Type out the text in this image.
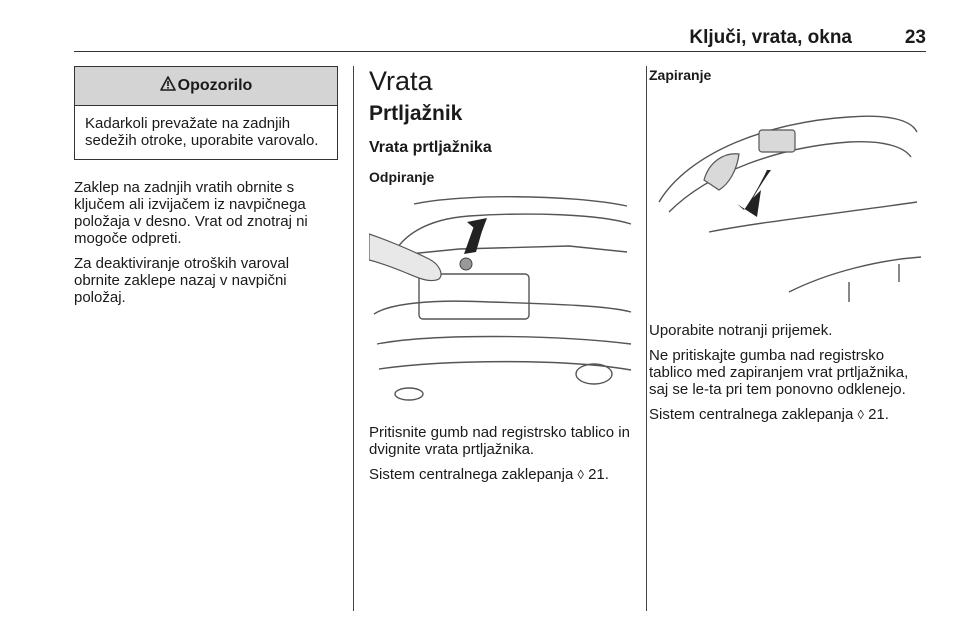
Ključi, vrata, okna	23
Opozorilo
Kadarkoli prevažate na zadnjih sedežih otroke, uporabite varovalo.

Zaklep na zadnjih vratih obrnite s ključem ali izvijačem iz navpičnega položaja v desno. Vrat od znotraj ni mogoče odpreti.

Za deaktiviranje otroških varoval obrnite zaklepe nazaj v navpični položaj.

Vrata
Prtljažnik
Vrata prtljažnika
Odpiranje

Pritisnite gumb nad registrsko tablico in dvignite vrata prtljažnika.

Sistem centralnega zaklepanja ◊ 21.

Zapiranje

Uporabite notranji prijemek.

Ne pritiskajte gumba nad registrsko tablico med zapiranjem vrat prtljažnika, saj se le-ta pri tem ponovno odklenejo.

Sistem centralnega zaklepanja ◊ 21.
